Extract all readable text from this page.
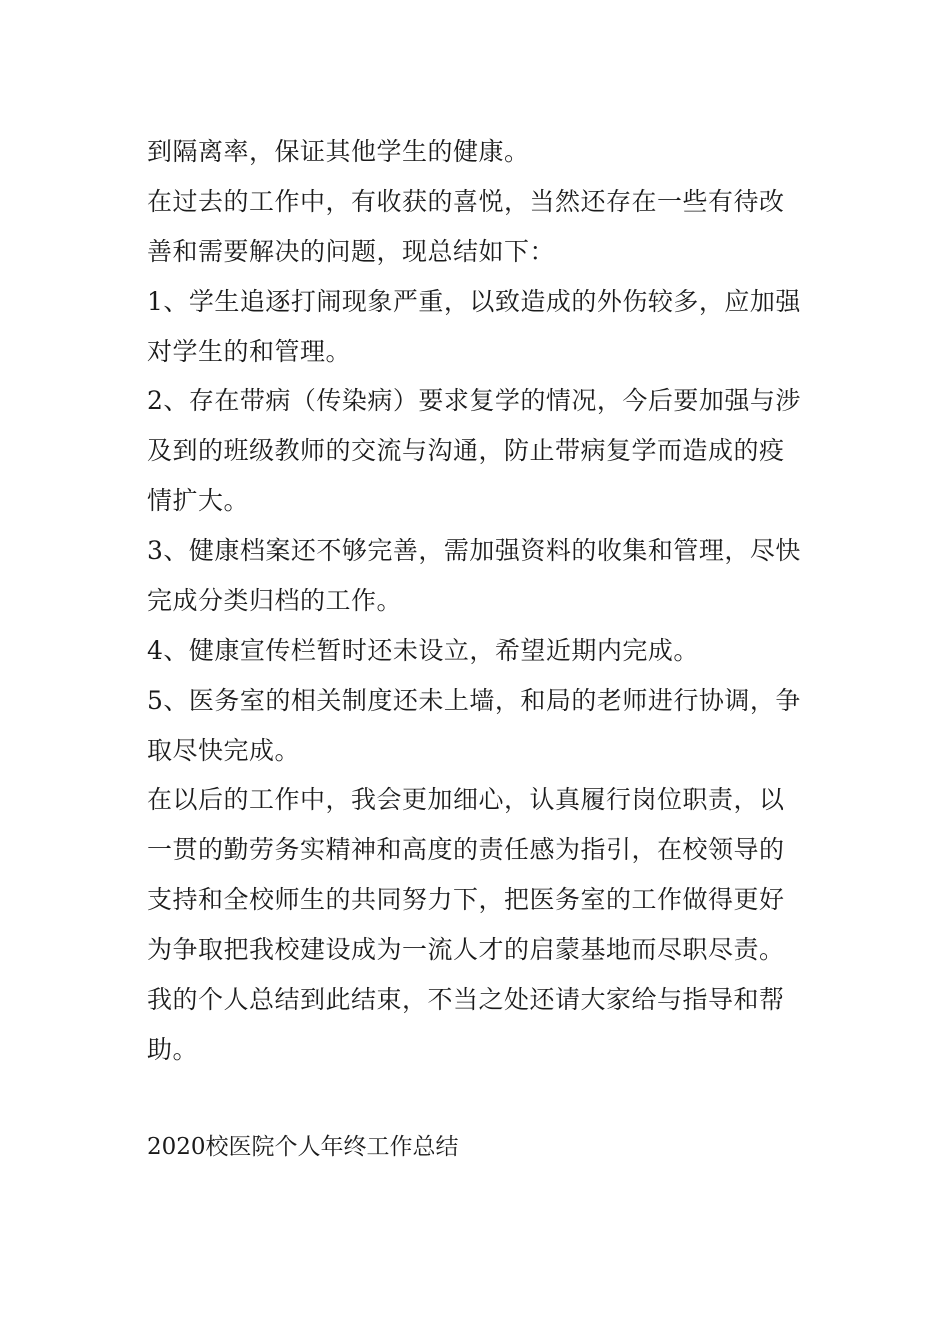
到隔离率，保证其他学生的健康。
在过去的工作中，有收获的喜悦，当然还存在一些有待改
善和需要解决的问题，现总结如下：
1、学生追逐打闹现象严重，以致造成的外伤较多，应加强
对学生的和管理。
2、存在带病（传染病）要求复学的情况，今后要加强与涉
及到的班级教师的交流与沟通，防止带病复学而造成的疫
情扩大。
3、健康档案还不够完善，需加强资料的收集和管理，尽快
完成分类归档的工作。
4、健康宣传栏暂时还未设立，希望近期内完成。
5、医务室的相关制度还未上墙，和局的老师进行协调，争
取尽快完成。
在以后的工作中，我会更加细心，认真履行岗位职责，以
一贯的勤劳务实精神和高度的责任感为指引，在校领导的
支持和全校师生的共同努力下，把医务室的工作做得更好
为争取把我校建设成为一流人才的启蒙基地而尽职尽责。
我的个人总结到此结束，不当之处还请大家给与指导和帮
助。
2020校医院个人年终工作总结
